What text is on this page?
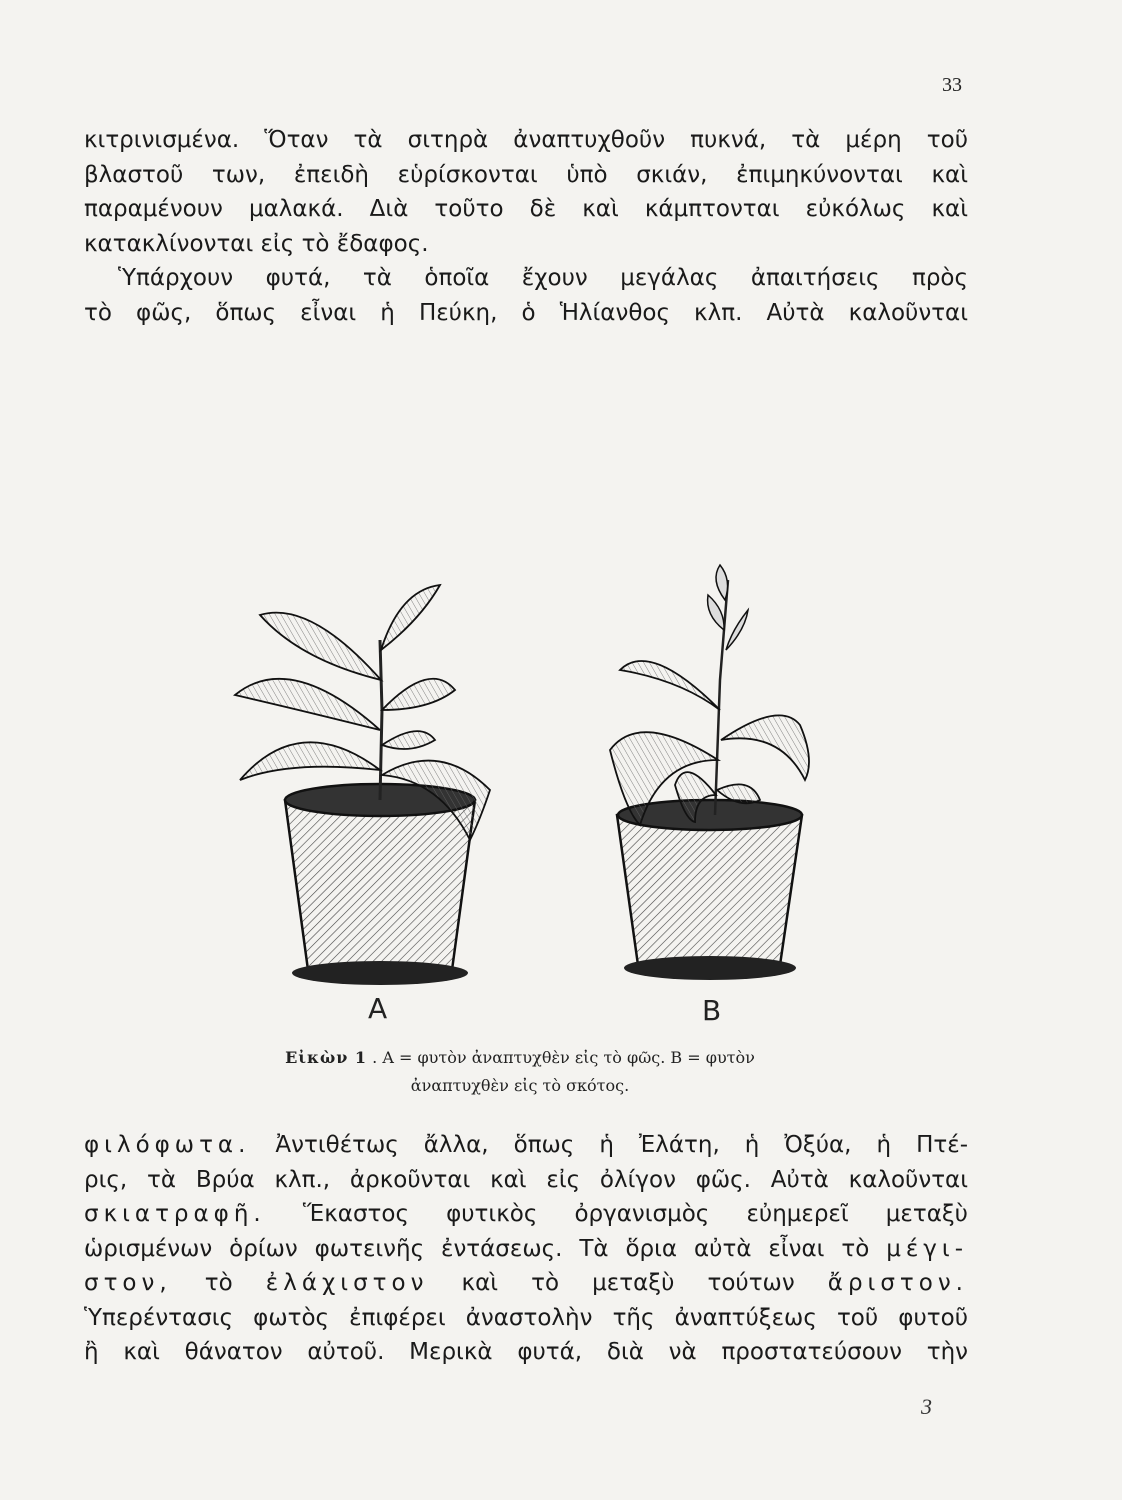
33
κιτρινισμένα. Ὅταν τὰ σιτηρὰ ἀναπτυχθοῦν πυκνά, τὰ μέρη τοῦ
βλαστοῦ των, ἐπειδὴ εὑρίσκονται ὑπὸ σκιάν, ἐπιμηκύνονται καὶ
παραμένουν μαλακά. Διὰ τοῦτο δὲ καὶ κάμπτονται εὐκόλως καὶ
κατακλίνονται εἰς τὸ ἔδαφος.
Ὑπάρχουν φυτά, τὰ ὁποῖα ἔχουν μεγάλας ἀπαιτήσεις πρὸς
τὸ φῶς, ὅπως εἶναι ἡ Πεύκη, ὁ Ἡλίανθος κλπ. Αὐτὰ καλοῦνται
A	B
Εἰκὼν 1 . Α = φυτὸν ἀναπτυχθὲν εἰς τὸ φῶς. Β = φυτὸν
ἀναπτυχθὲν εἰς τὸ σκότος.
φιλόφωτα. Ἀντιθέτως ἄλλα, ὅπως ἡ Ἐλάτη, ἡ Ὀξύα, ἡ Πτέ-
ρις, τὰ Βρύα κλπ., ἀρκοῦνται καὶ εἰς ὀλίγον φῶς. Αὐτὰ καλοῦνται
σκιατραφῆ. Ἕκαστος φυτικὸς ὀργανισμὸς εὐημερεῖ μεταξὺ
ὡρισμένων ὁρίων φωτεινῆς ἐντάσεως. Τὰ ὅρια αὐτὰ εἶναι τὸ μέγι-
στον, τὸ ἐλάχιστον καὶ τὸ μεταξὺ τούτων ἄριστον.
Ὑπερέντασις φωτὸς ἐπιφέρει ἀναστολὴν τῆς ἀναπτύξεως τοῦ φυτοῦ
ἢ καὶ θάνατον αὐτοῦ. Μερικὰ φυτά, διὰ νὰ προστατεύσουν τὴν
3
